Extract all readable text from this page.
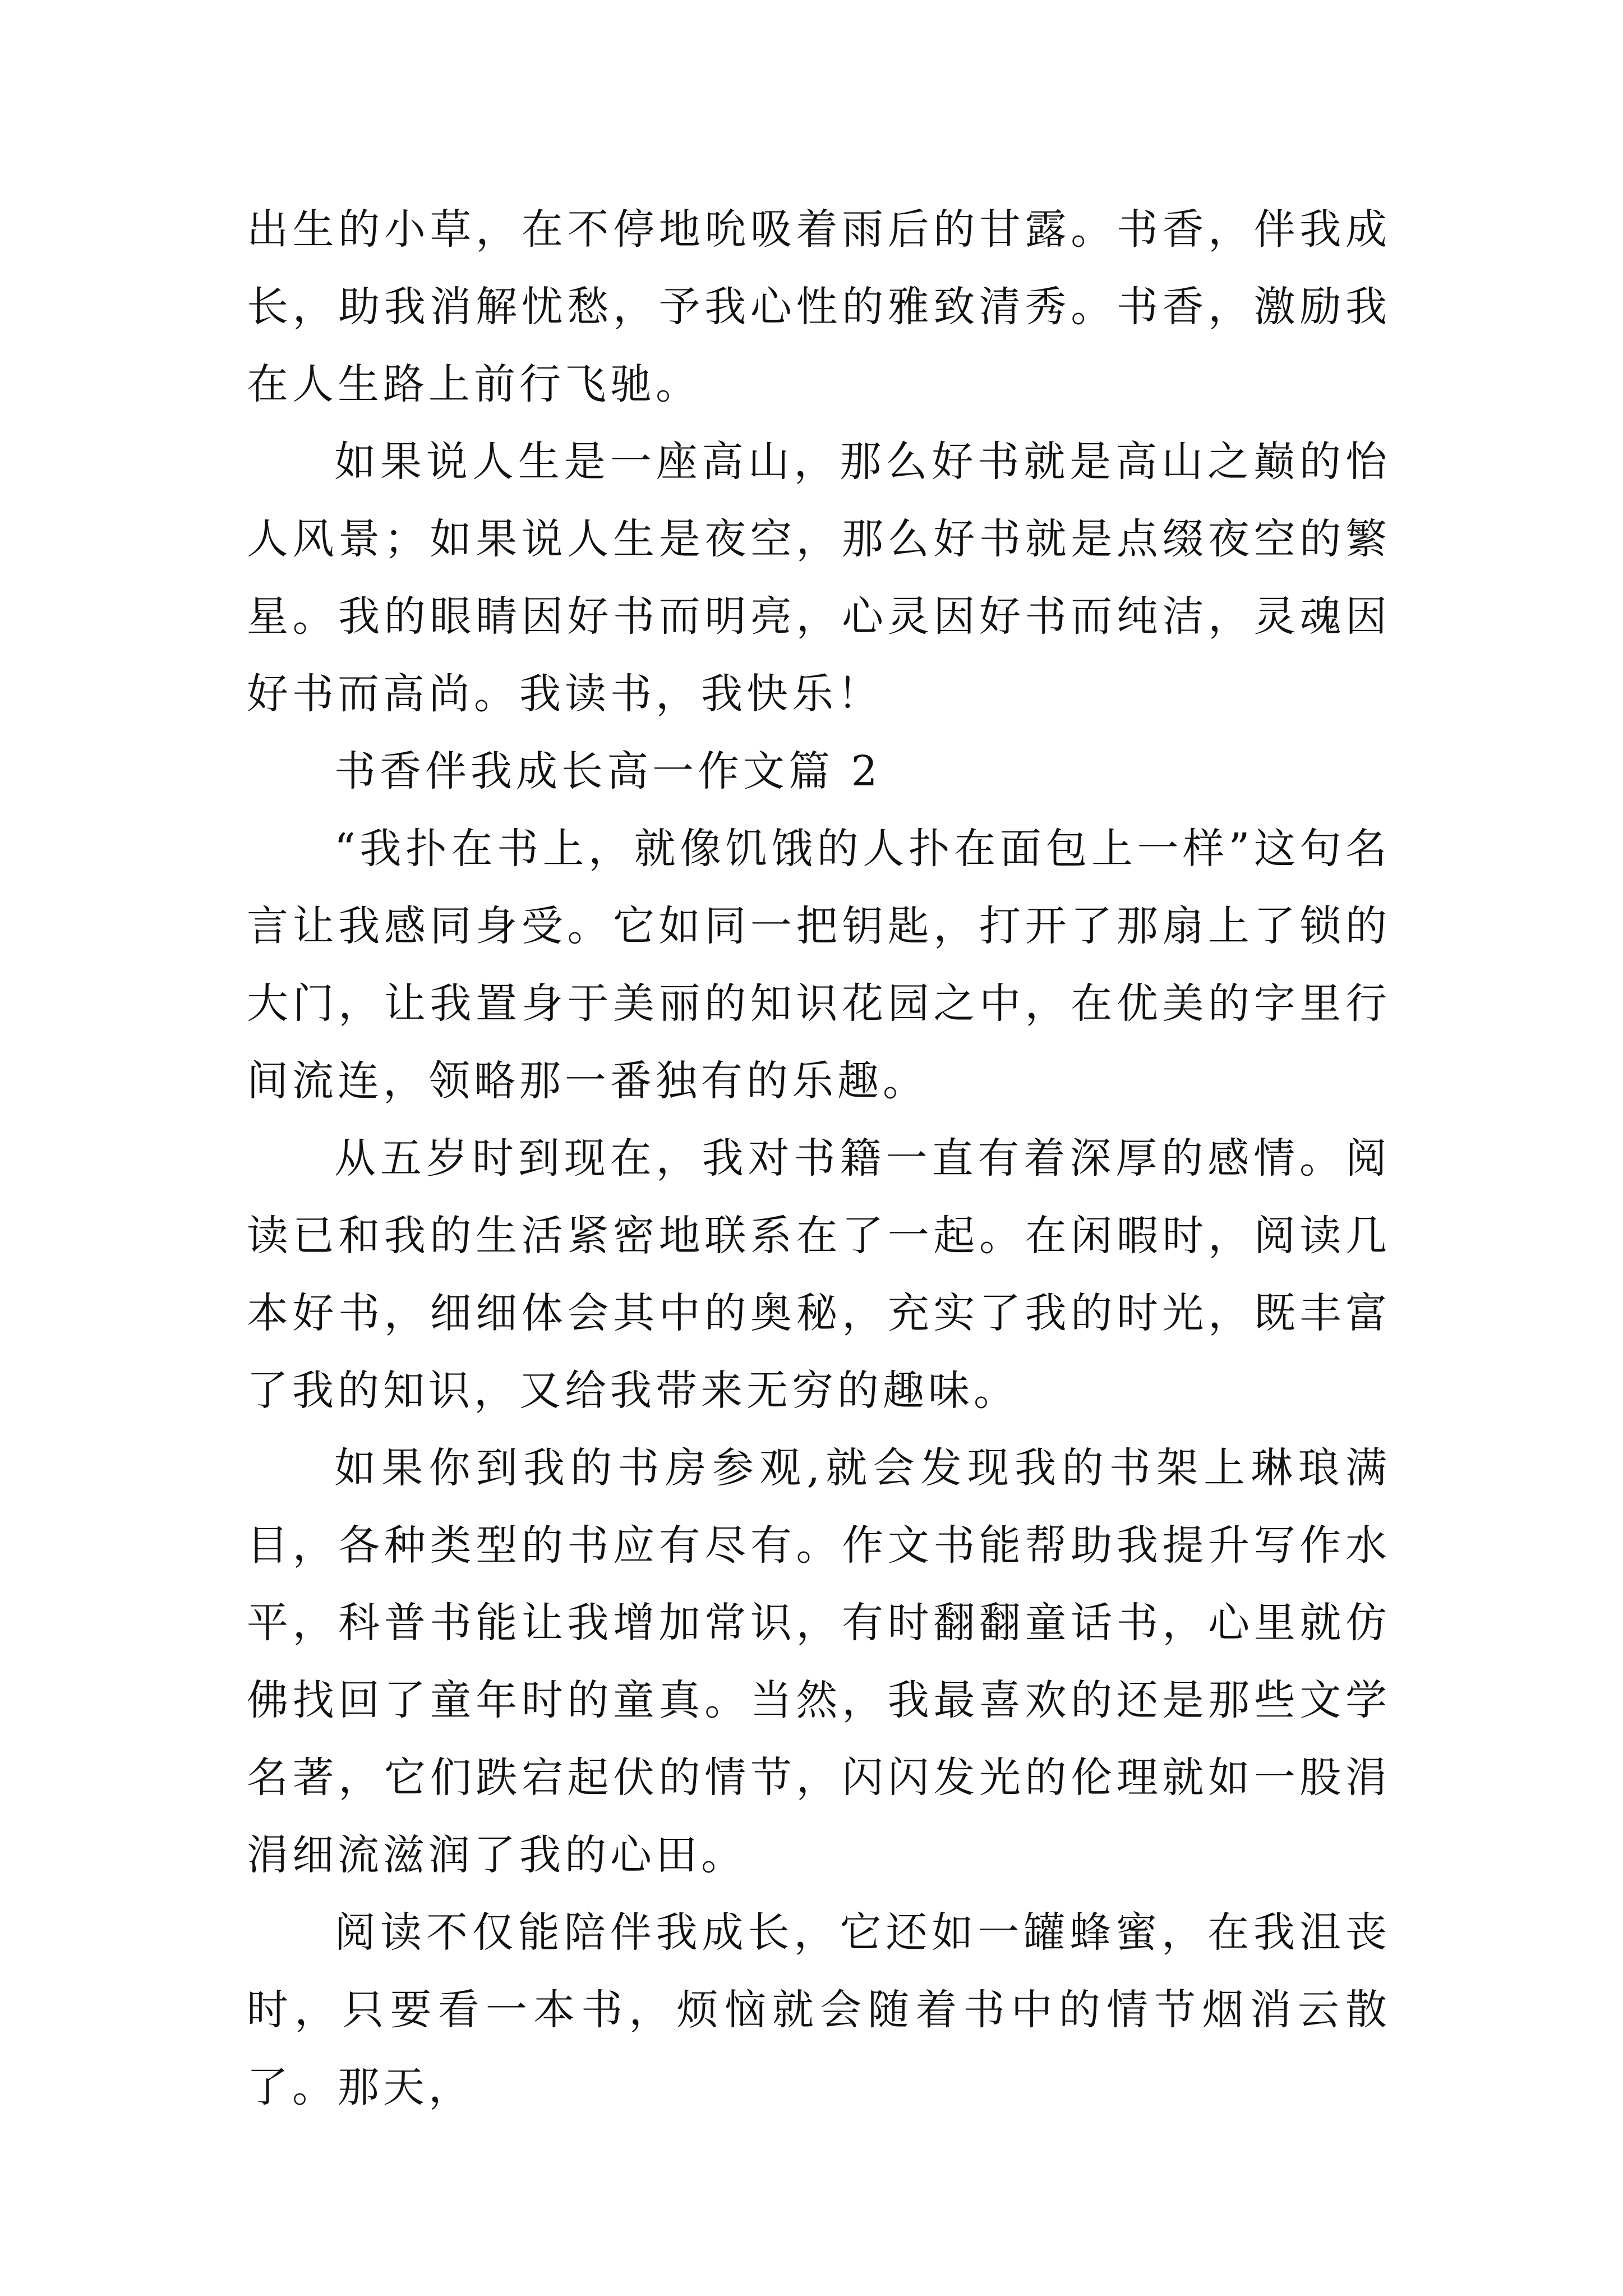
出生的小草，在不停地吮吸着雨后的甘露。书香，伴我成长，助我消解忧愁，予我心性的雅致清秀。书香，激励我在人生路上前行飞驰。

如果说人生是一座高山，那么好书就是高山之巅的怡人风景；如果说人生是夜空，那么好书就是点缀夜空的繁星。我的眼睛因好书而明亮，心灵因好书而纯洁，灵魂因好书而高尚。我读书，我快乐！

书香伴我成长高一作文篇 2

“我扑在书上，就像饥饿的人扑在面包上一样”这句名言让我感同身受。它如同一把钥匙，打开了那扇上了锁的大门，让我置身于美丽的知识花园之中，在优美的字里行间流连，领略那一番独有的乐趣。

从五岁时到现在，我对书籍一直有着深厚的感情。阅读已和我的生活紧密地联系在了一起。在闲暇时，阅读几本好书，细细体会其中的奥秘，充实了我的时光，既丰富了我的知识，又给我带来无穷的趣味。

如果你到我的书房参观,就会发现我的书架上琳琅满目，各种类型的书应有尽有。作文书能帮助我提升写作水平，科普书能让我增加常识，有时翻翻童话书，心里就仿佛找回了童年时的童真。当然，我最喜欢的还是那些文学名著，它们跌宕起伏的情节，闪闪发光的伦理就如一股涓涓细流滋润了我的心田。

阅读不仅能陪伴我成长，它还如一罐蜂蜜，在我沮丧时，只要看一本书，烦恼就会随着书中的情节烟消云散了。那天，
